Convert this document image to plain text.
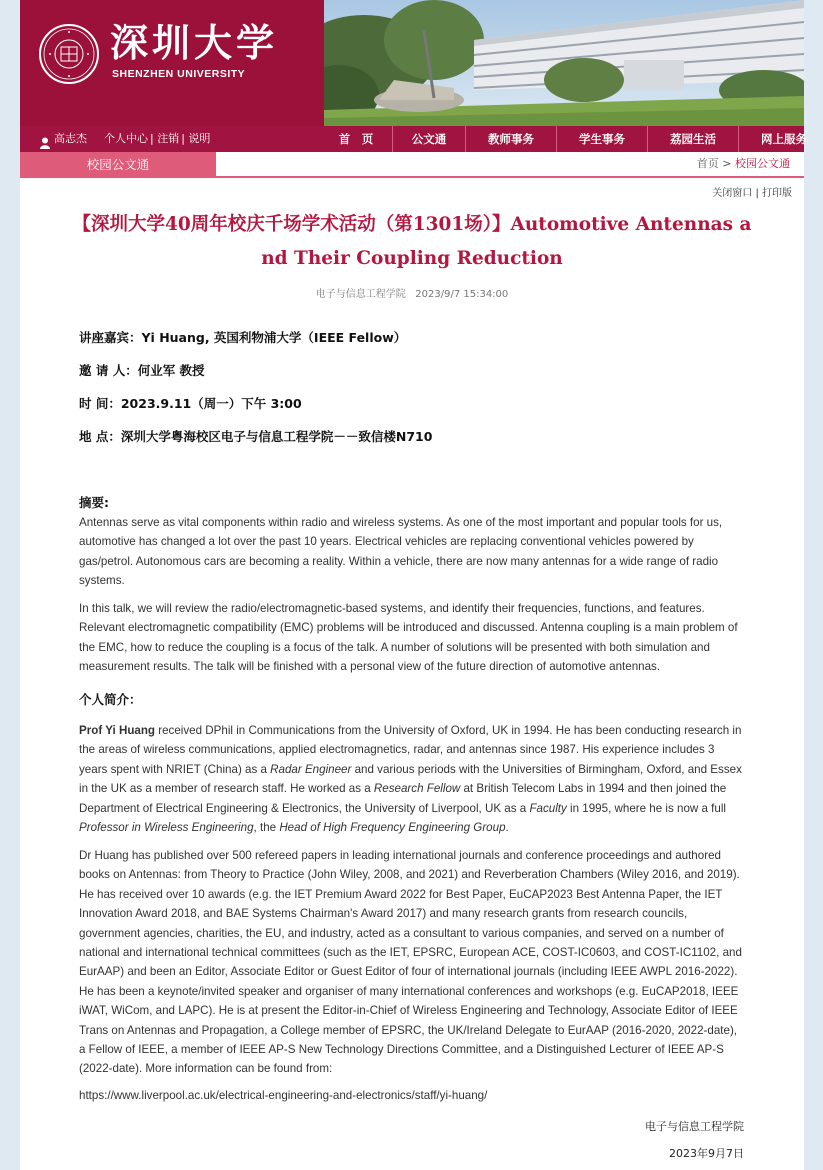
深圳大学
SHENZHEN UNIVERSITY
高志杰 个人中心 | 注销 | 说明	首　页	公文通	教师事务	学生事务	荔园生活	网上服务
校园公文通	首页 > 校园公文通
关闭窗口 | 打印版
【深圳大学40周年校庆千场学术活动（第1301场）】Automotive Antennas a
nd Their Coupling Reduction
电子与信息工程学院 2023/9/7 15:34:00
讲座嘉宾：Yi Huang, 英国利物浦大学（IEEE Fellow）
邀 请 人：何业军 教授
时 间：2023.9.11（周一）下午 3:00
地 点：深圳大学粤海校区电子与信息工程学院－－致信楼N710
摘要:

Antennas serve as vital components within radio and wireless systems. As one of the most important and popular tools for us, automotive has changed a lot over the past 10 years. Electrical vehicles are replacing conventional vehicles powered by gas/petrol. Autonomous cars are becoming a reality. Within a vehicle, there are now many antennas for a wide range of radio systems.

In this talk, we will review the radio/electromagnetic-based systems, and identify their frequencies, functions, and features. Relevant electromagnetic compatibility (EMC) problems will be introduced and discussed. Antenna coupling is a main problem of the EMC, how to reduce the coupling is a focus of the talk. A number of solutions will be presented with both simulation and measurement results. The talk will be finished with a personal view of the future direction of automotive antennas.

个人简介：

Prof Yi Huang received DPhil in Communications from the University of Oxford, UK in 1994. He has been conducting research in the areas of wireless communications, applied electromagnetics, radar, and antennas since 1987. His experience includes 3 years spent with NRIET (China) as a Radar Engineer and various periods with the Universities of Birmingham, Oxford, and Essex in the UK as a member of research staff. He worked as a Research Fellow at British Telecom Labs in 1994 and then joined the Department of Electrical Engineering & Electronics, the University of Liverpool, UK as a Faculty in 1995, where he is now a full Professor in Wireless Engineering, the Head of High Frequency Engineering Group.

Dr Huang has published over 500 refereed papers in leading international journals and conference proceedings and authored books on Antennas: from Theory to Practice (John Wiley, 2008, and 2021) and Reverberation Chambers (Wiley 2016, and 2019). He has received over 10 awards (e.g. the IET Premium Award 2022 for Best Paper, EuCAP2023 Best Antenna Paper, the IET Innovation Award 2018, and BAE Systems Chairman's Award 2017) and many research grants from research councils, government agencies, charities, the EU, and industry, acted as a consultant to various companies, and served on a number of national and international technical committees (such as the IET, EPSRC, European ACE, COST-IC0603, and COST-IC1102, and EurAAP) and been an Editor, Associate Editor or Guest Editor of four of international journals (including IEEE AWPL 2016-2022). He has been a keynote/invited speaker and organiser of many international conferences and workshops (e.g. EuCAP2018, IEEE iWAT, WiCom, and LAPC). He is at present the Editor-in-Chief of Wireless Engineering and Technology, Associate Editor of IEEE Trans on Antennas and Propagation, a College member of EPSRC, the UK/Ireland Delegate to EurAAP (2016-2020, 2022-date), a Fellow of IEEE, a member of IEEE AP-S New Technology Directions Committee, and a Distinguished Lecturer of IEEE AP-S (2022-date). More information can be found from:

https://www.liverpool.ac.uk/electrical-engineering-and-electronics/staff/yi-huang/
电子与信息工程学院
2023年9月7日
